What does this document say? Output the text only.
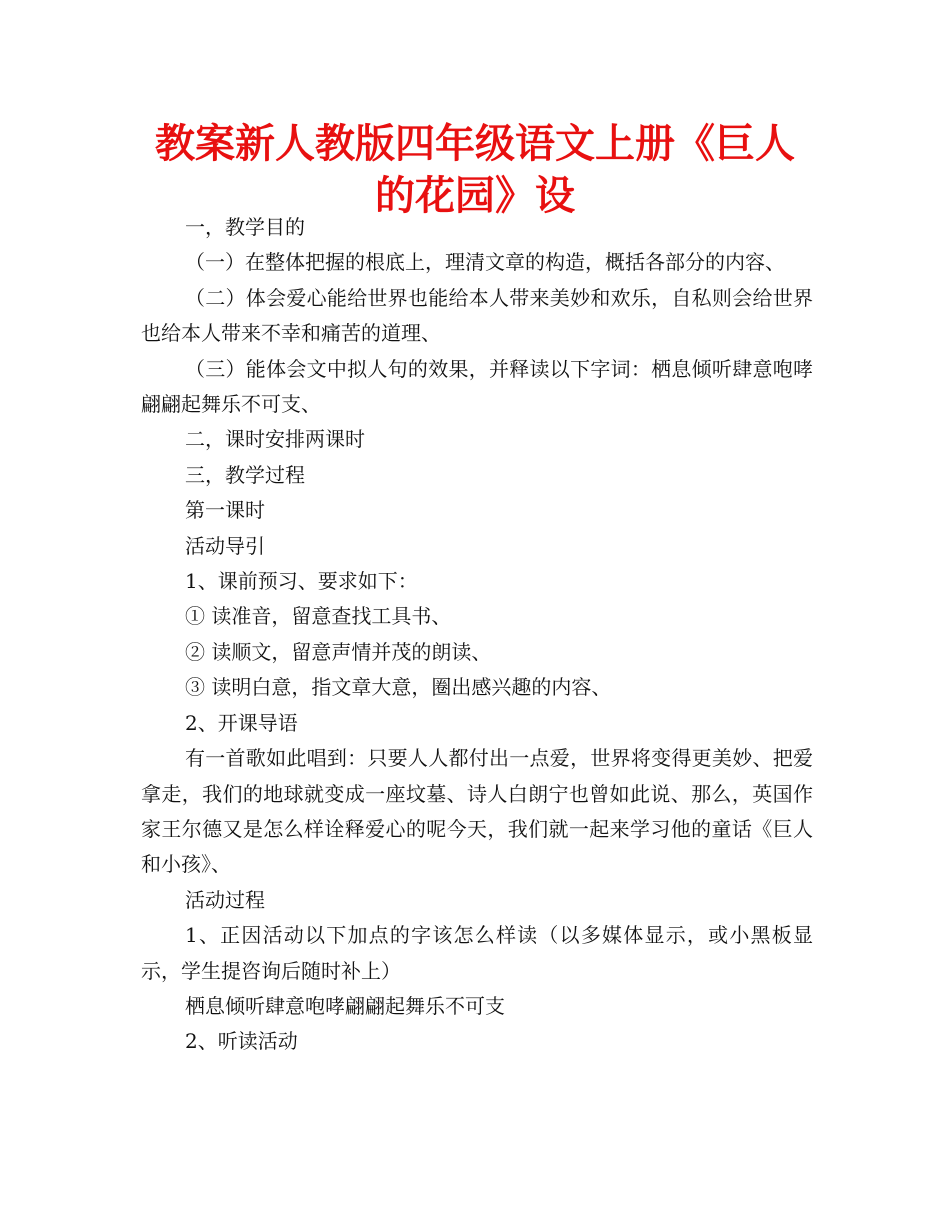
教案新人教版四年级语文上册《巨人的花园》设

一，教学目的

（一）在整体把握的根底上，理清文章的构造，概括各部分的内容、

（二）体会爱心能给世界也能给本人带来美妙和欢乐，自私则会给世界也给本人带来不幸和痛苦的道理、

（三）能体会文中拟人句的效果，并释读以下字词：栖息倾听肆意咆哮翩翩起舞乐不可支、

二，课时安排两课时

三，教学过程

第一课时

活动导引

1、课前预习、要求如下：

① 读准音，留意查找工具书、

② 读顺文，留意声情并茂的朗读、

③ 读明白意，指文章大意，圈出感兴趣的内容、

2、开课导语

有一首歌如此唱到：只要人人都付出一点爱，世界将变得更美妙、把爱拿走，我们的地球就变成一座坟墓、诗人白朗宁也曾如此说、那么，英国作家王尔德又是怎么样诠释爱心的呢今天，我们就一起来学习他的童话《巨人和小孩》、

活动过程

1、正因活动以下加点的字该怎么样读（以多媒体显示，或小黑板显示，学生提咨询后随时补上）

栖息倾听肆意咆哮翩翩起舞乐不可支

2、听读活动
